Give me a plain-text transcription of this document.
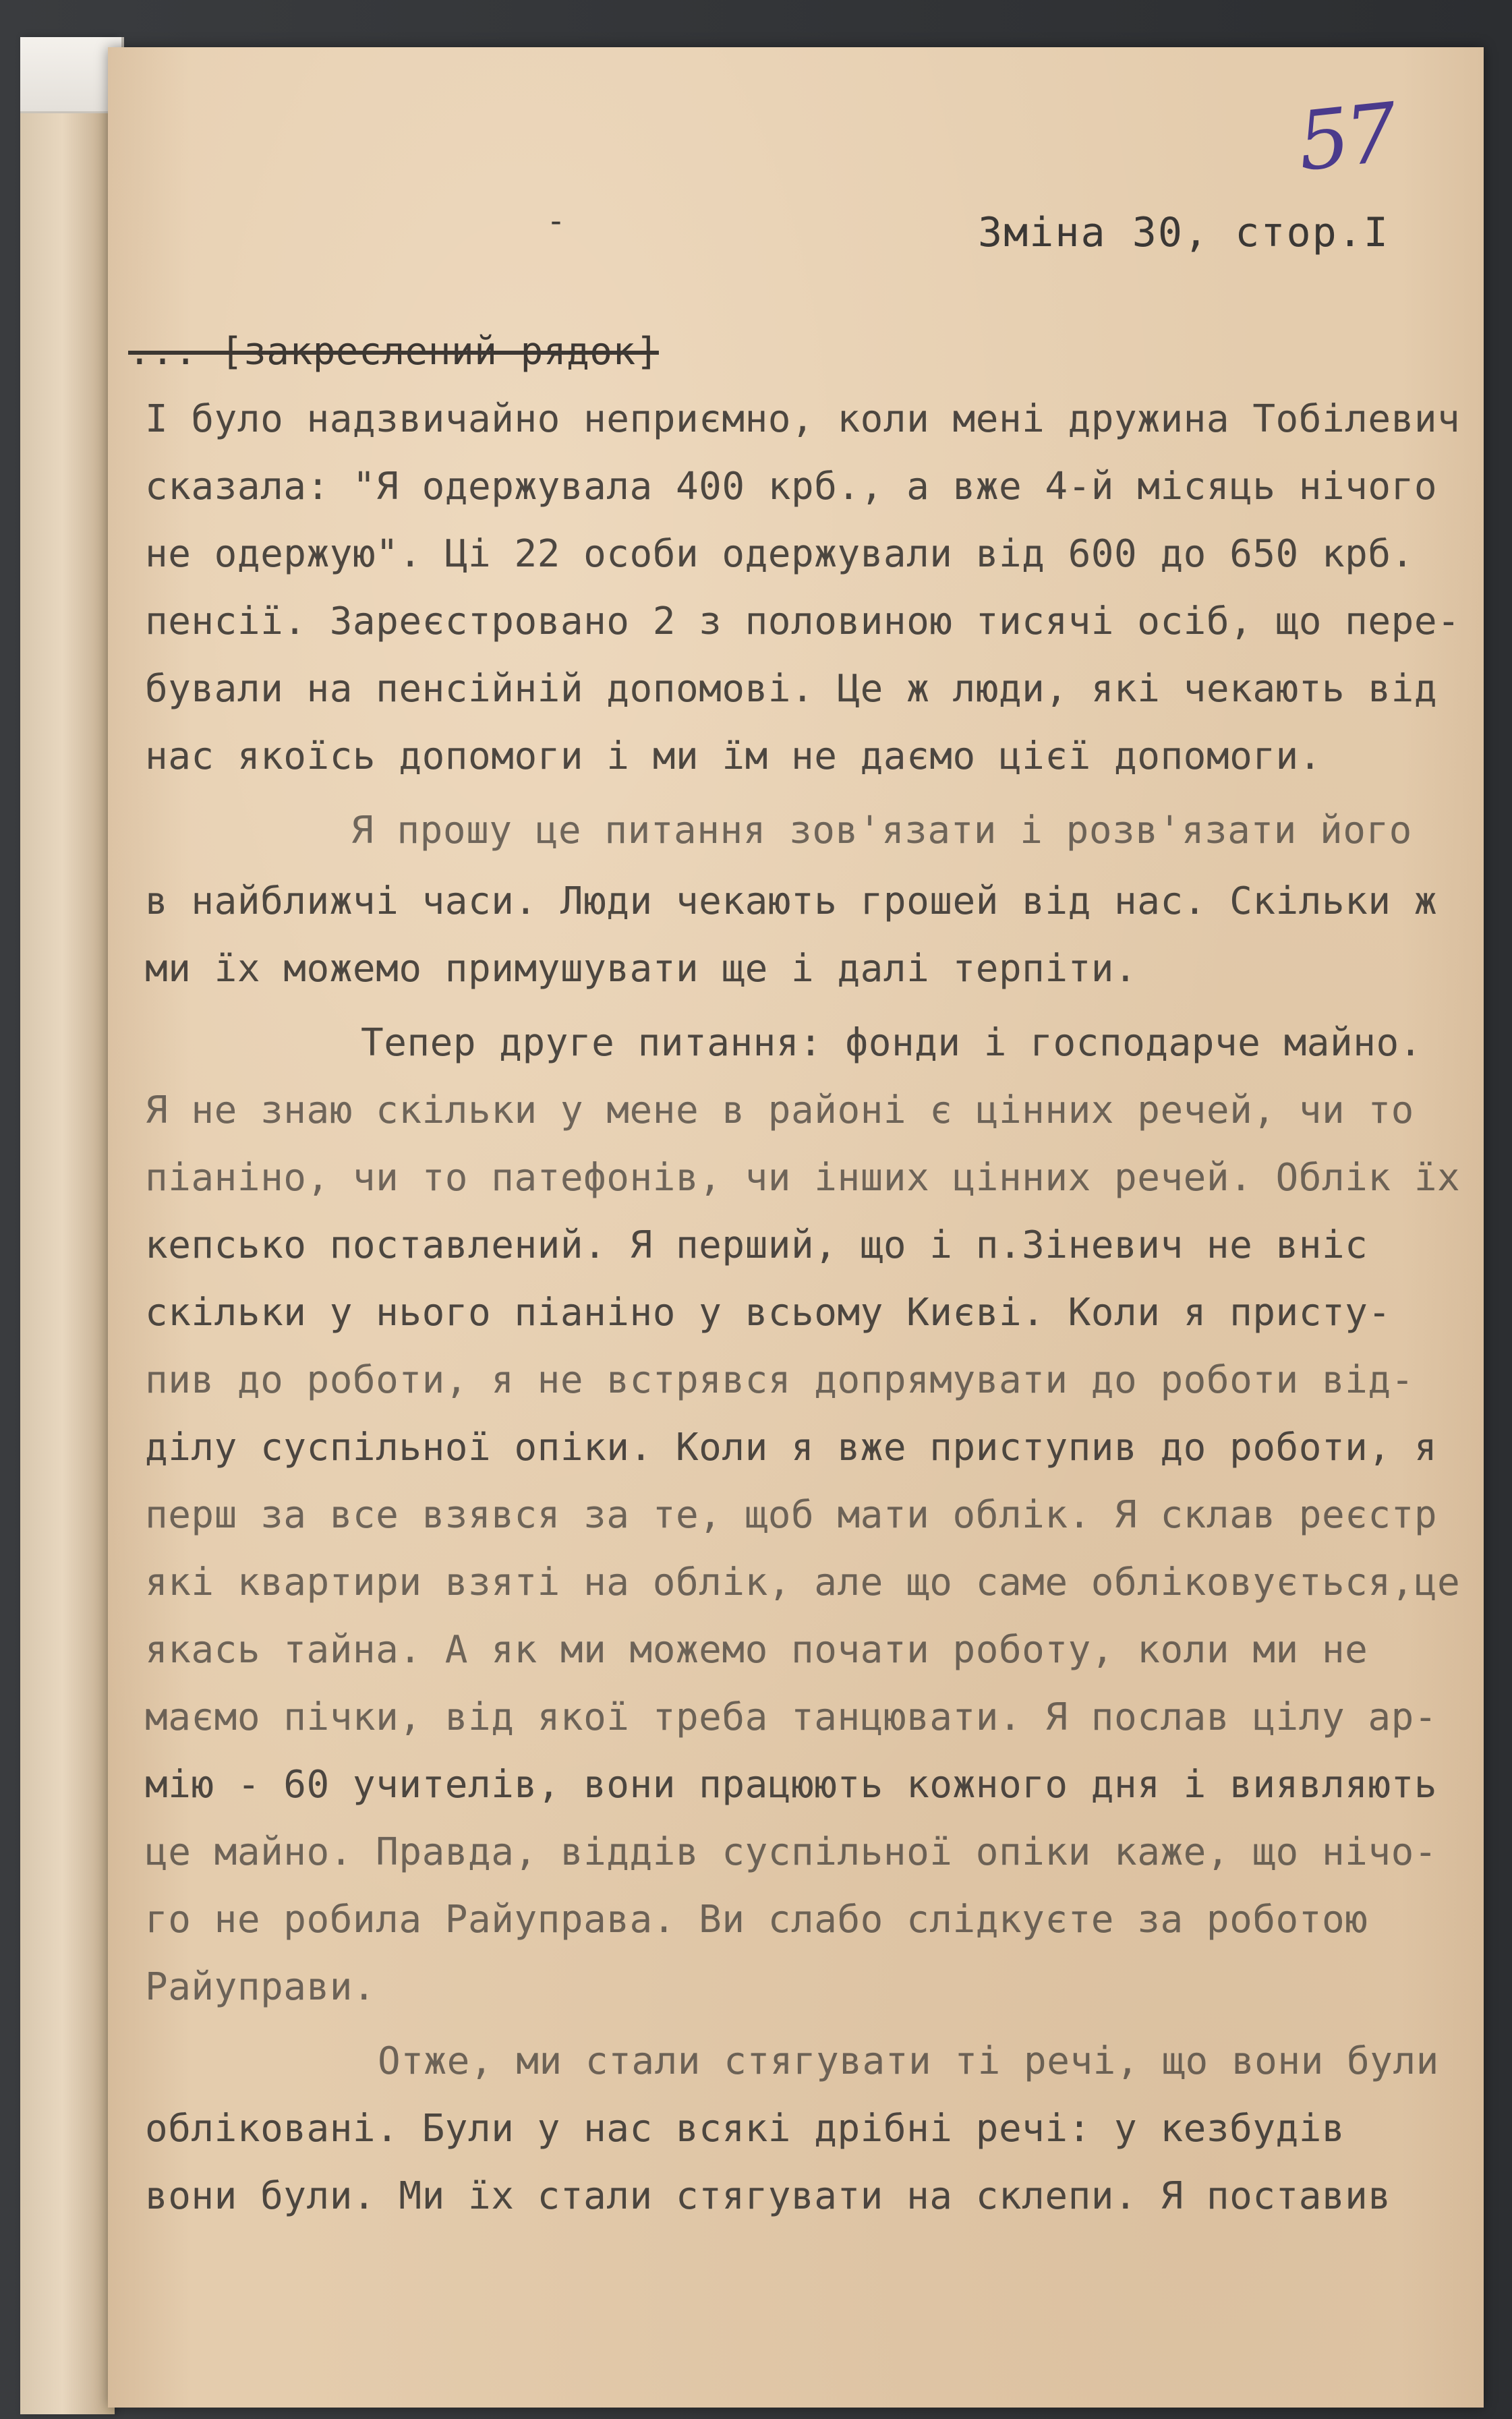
57
-	Зміна 30, стор.І

... [закреслений рядок]

І було надзвичайно неприємно, коли мені дружина Тобілевич

сказала: "Я одержувала 400 крб., а вже 4-й місяць нічого

не одержую". Ці 22 особи одержували від 600 до 650 крб.

пенсії. Зареєстровано 2 з половиною тисячі осіб, що пере-

бували на пенсійній допомові. Це ж люди, які чекають від

нас якоїсь допомоги і ми їм не даємо цієї допомоги.

Я прошу це питання зов'язати і розв'язати його

в найближчі часи. Люди чекають грошей від нас. Скільки ж

ми їх можемо примушувати ще і далі терпіти.

Тепер друге питання: фонди і господарче майно.

Я не знаю скільки у мене в районі є цінних речей, чи то

піаніно, чи то патефонів, чи інших цінних речей. Облік їх

кепсько поставлений. Я перший, що і п.Зіневич не вніс

скільки у нього піаніно у всьому Києві. Коли я присту-

пив до роботи, я не встрявся допрямувати до роботи від-

ділу суспільної опіки. Коли я вже приступив до роботи, я

перш за все взявся за те, щоб мати облік. Я склав реєстр

які квартири взяті на облік, але що саме обліковується,це

якась тайна. А як ми можемо почати роботу, коли ми не

маємо пічки, від якої треба танцювати. Я послав цілу ар-

мію - 60 учителів, вони працюють кожного дня і виявляють

це майно. Правда, віддів суспільної опіки каже, що нічо-

го не робила Райуправа. Ви слабо слідкуєте за роботою

Райуправи.

Отже, ми стали стягувати ті речі, що вони були

обліковані. Були у нас всякі дрібні речі: у кезбудів

вони були. Ми їх стали стягувати на склепи. Я поставив
